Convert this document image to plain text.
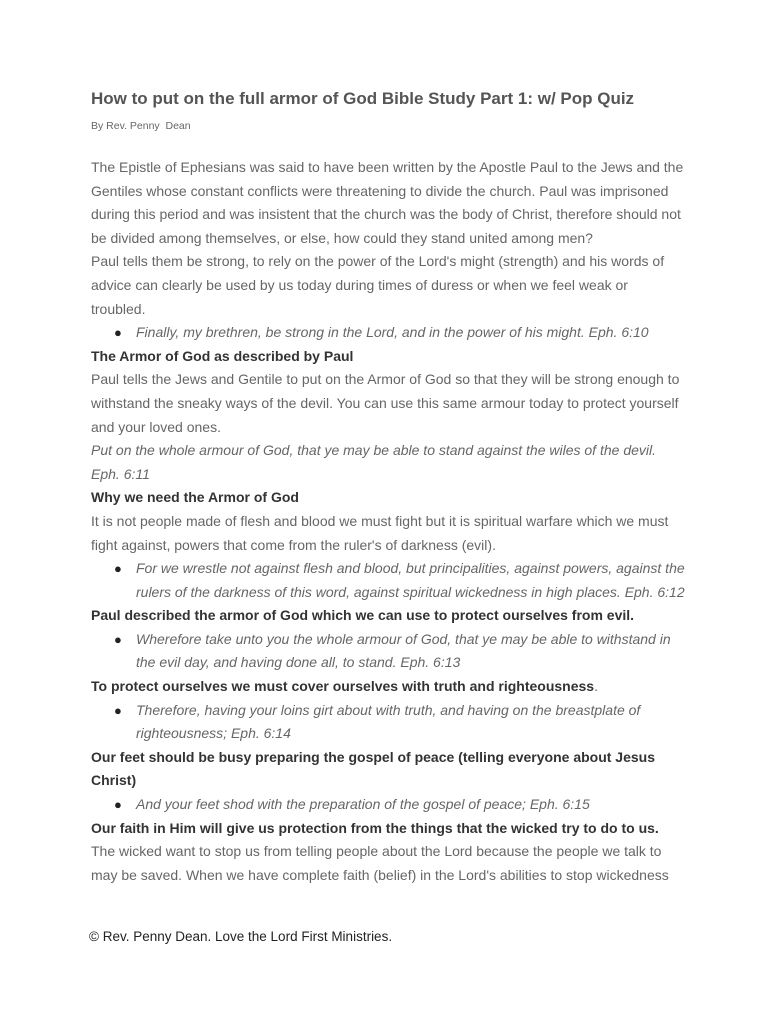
How to put on the full armor of God Bible Study Part 1: w/ Pop Quiz
By Rev. Penny  Dean

The Epistle of Ephesians was said to have been written by the Apostle Paul to the Jews and the Gentiles whose constant conflicts were threatening to divide the church. Paul was imprisoned during this period and was insistent that the church was the body of Christ, therefore should not be divided among themselves, or else, how could they stand united among men?

Paul tells them be strong, to rely on the power of the Lord's might (strength) and his words of advice can clearly be used by us today during times of duress or when we feel weak or troubled.

● Finally, my brethren, be strong in the Lord, and in the power of his might. Eph. 6:10

The Armor of God as described by Paul

Paul tells the Jews and Gentile to put on the Armor of God so that they will be strong enough to withstand the sneaky ways of the devil. You can use this same armour today to protect yourself and your loved ones.

Put on the whole armour of God, that ye may be able to stand against the wiles of the devil. Eph. 6:11

Why we need the Armor of God

It is not people made of flesh and blood we must fight but it is spiritual warfare which we must fight against, powers that come from the ruler's of darkness (evil).

● For we wrestle not against flesh and blood, but principalities, against powers, against the rulers of the darkness of this word, against spiritual wickedness in high places. Eph. 6:12

Paul described the armor of God which we can use to protect ourselves from evil.

● Wherefore take unto you the whole armour of God, that ye may be able to withstand in the evil day, and having done all, to stand. Eph. 6:13

To protect ourselves we must cover ourselves with truth and righteousness.

● Therefore, having your loins girt about with truth, and having on the breastplate of righteousness; Eph. 6:14

Our feet should be busy preparing the gospel of peace (telling everyone about Jesus Christ)

● And your feet shod with the preparation of the gospel of peace; Eph. 6:15

Our faith in Him will give us protection from the things that the wicked try to do to us.

The wicked want to stop us from telling people about the Lord because the people we talk to may be saved. When we have complete faith (belief) in the Lord's abilities to stop wickedness

© Rev. Penny Dean. Love the Lord First Ministries.
